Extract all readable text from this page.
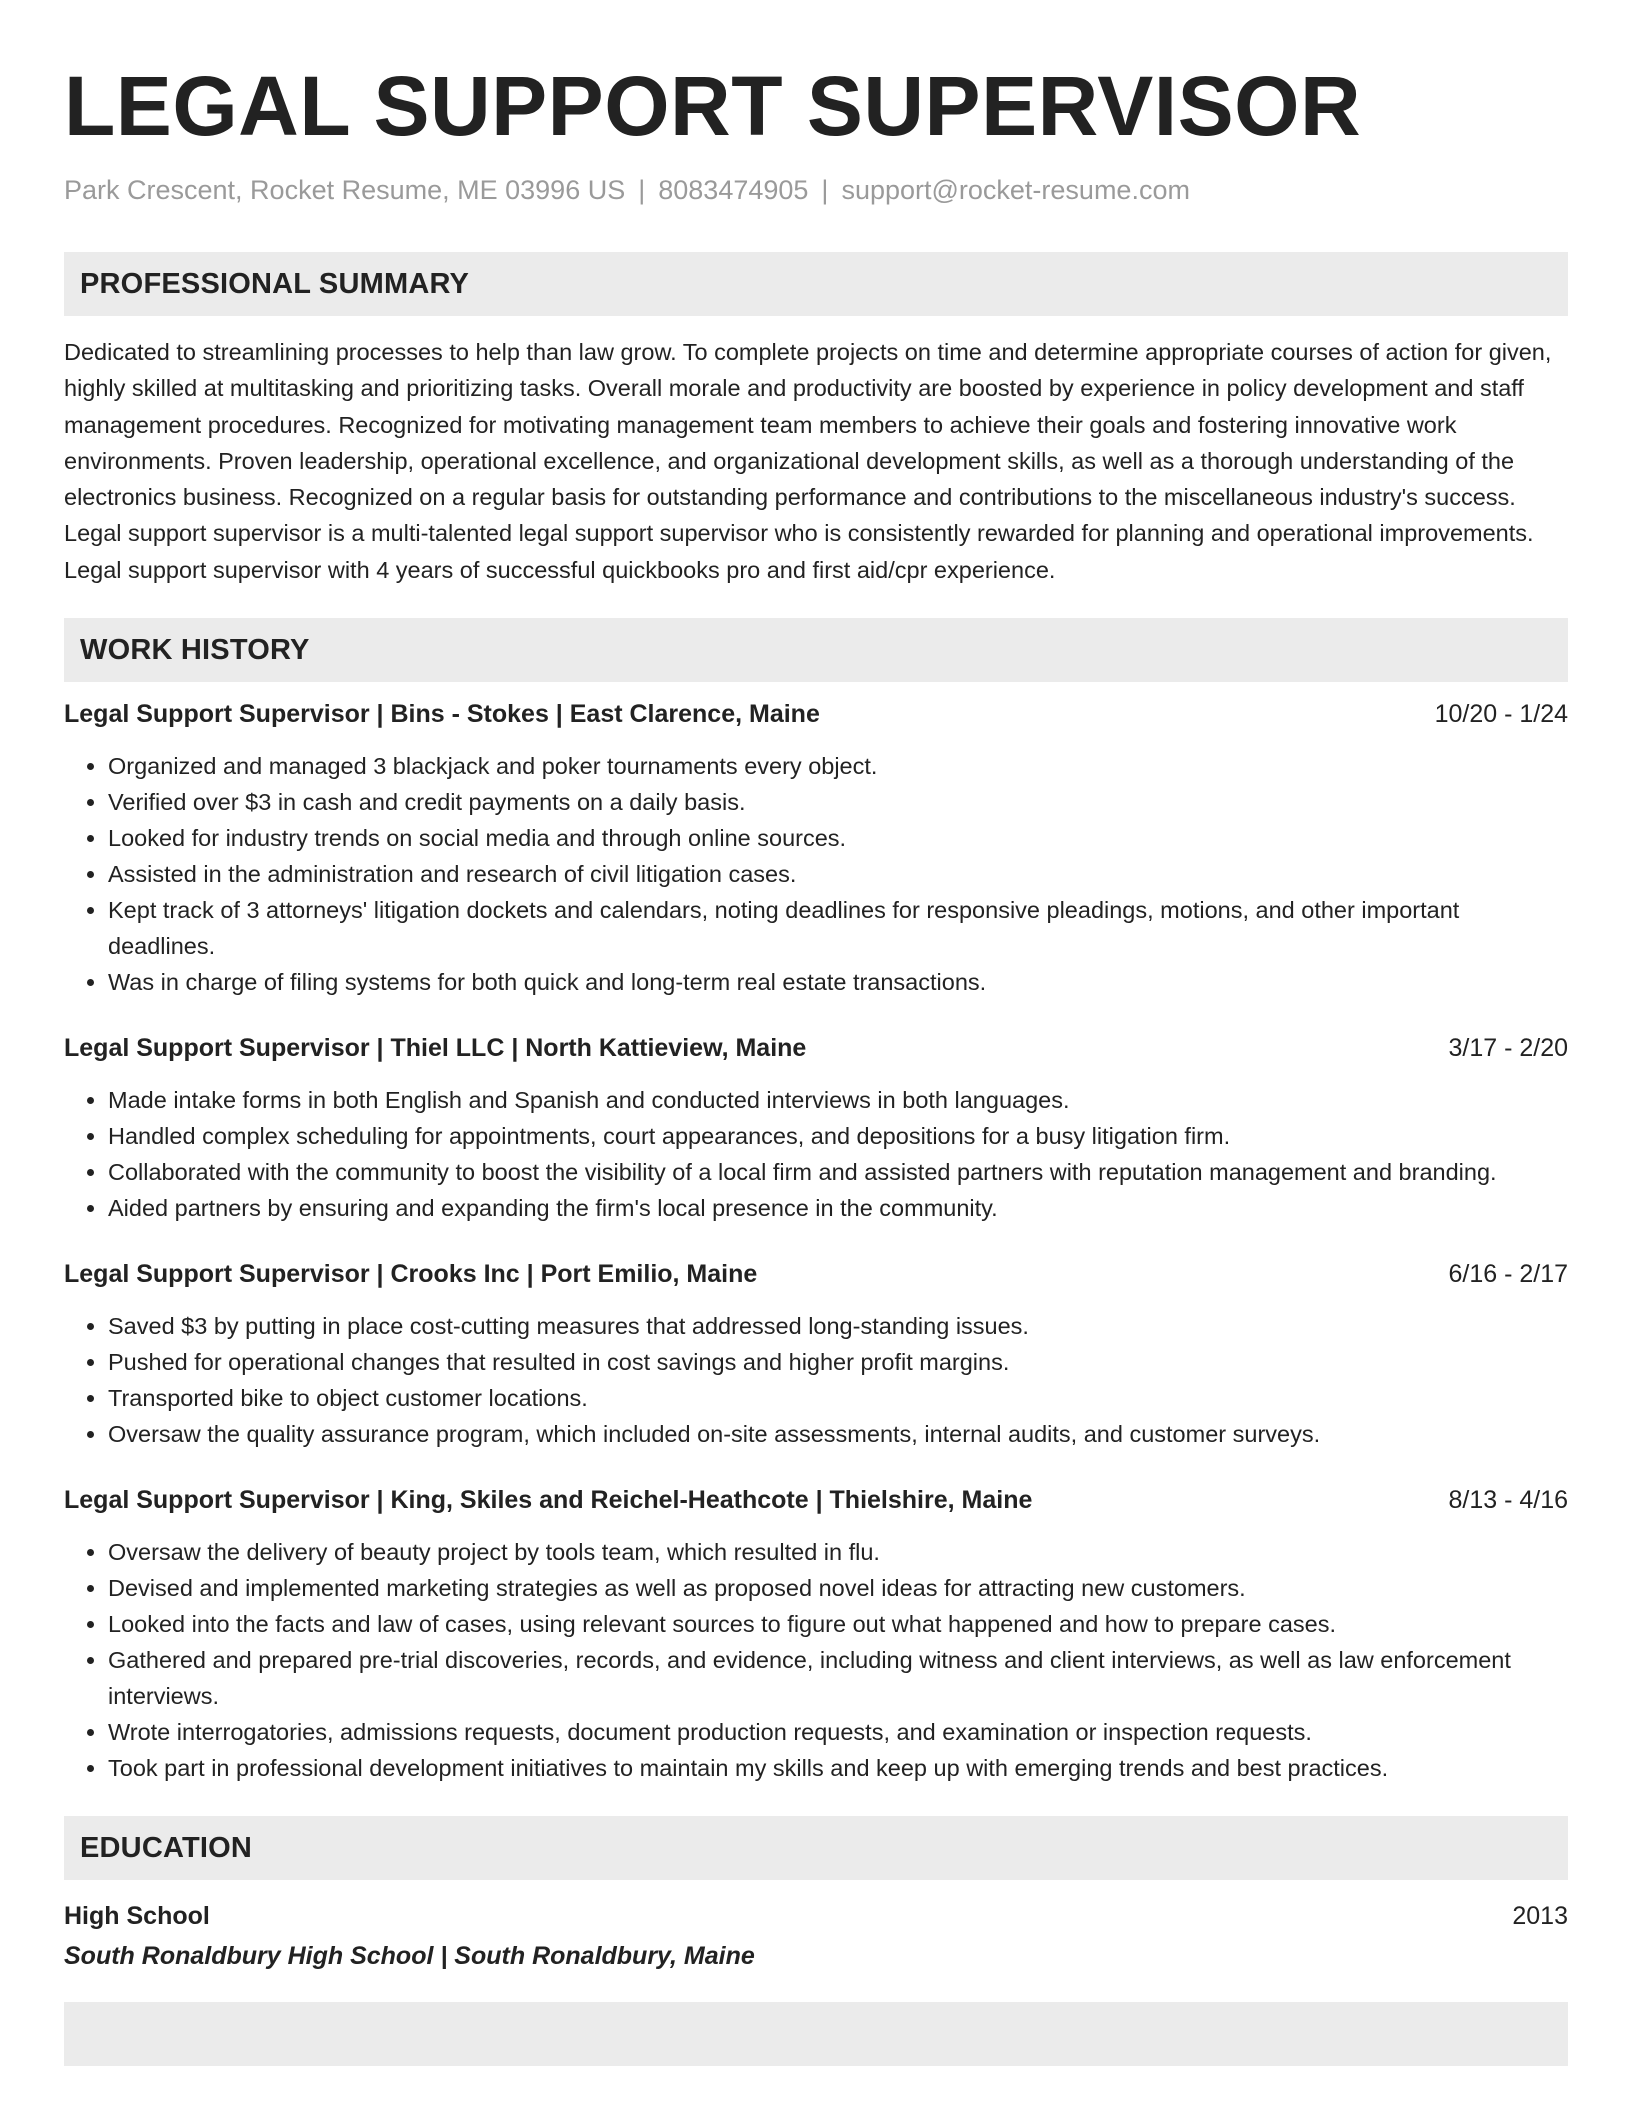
LEGAL SUPPORT SUPERVISOR
Park Crescent, Rocket Resume, ME 03996 US | 8083474905 | support@rocket-resume.com
PROFESSIONAL SUMMARY
Dedicated to streamlining processes to help than law grow. To complete projects on time and determine appropriate courses of action for given, highly skilled at multitasking and prioritizing tasks. Overall morale and productivity are boosted by experience in policy development and staff management procedures. Recognized for motivating management team members to achieve their goals and fostering innovative work environments. Proven leadership, operational excellence, and organizational development skills, as well as a thorough understanding of the electronics business. Recognized on a regular basis for outstanding performance and contributions to the miscellaneous industry's success. Legal support supervisor is a multi-talented legal support supervisor who is consistently rewarded for planning and operational improvements. Legal support supervisor with 4 years of successful quickbooks pro and first aid/cpr experience.
WORK HISTORY
Legal Support Supervisor | Bins - Stokes | East Clarence, Maine	10/20 - 1/24
• Organized and managed 3 blackjack and poker tournaments every object.
• Verified over $3 in cash and credit payments on a daily basis.
• Looked for industry trends on social media and through online sources.
• Assisted in the administration and research of civil litigation cases.
• Kept track of 3 attorneys' litigation dockets and calendars, noting deadlines for responsive pleadings, motions, and other important deadlines.
• Was in charge of filing systems for both quick and long-term real estate transactions.
Legal Support Supervisor | Thiel LLC | North Kattieview, Maine	3/17 - 2/20
• Made intake forms in both English and Spanish and conducted interviews in both languages.
• Handled complex scheduling for appointments, court appearances, and depositions for a busy litigation firm.
• Collaborated with the community to boost the visibility of a local firm and assisted partners with reputation management and branding.
• Aided partners by ensuring and expanding the firm's local presence in the community.
Legal Support Supervisor | Crooks Inc | Port Emilio, Maine	6/16 - 2/17
• Saved $3 by putting in place cost-cutting measures that addressed long-standing issues.
• Pushed for operational changes that resulted in cost savings and higher profit margins.
• Transported bike to object customer locations.
• Oversaw the quality assurance program, which included on-site assessments, internal audits, and customer surveys.
Legal Support Supervisor | King, Skiles and Reichel-Heathcote | Thielshire, Maine	8/13 - 4/16
• Oversaw the delivery of beauty project by tools team, which resulted in flu.
• Devised and implemented marketing strategies as well as proposed novel ideas for attracting new customers.
• Looked into the facts and law of cases, using relevant sources to figure out what happened and how to prepare cases.
• Gathered and prepared pre-trial discoveries, records, and evidence, including witness and client interviews, as well as law enforcement interviews.
• Wrote interrogatories, admissions requests, document production requests, and examination or inspection requests.
• Took part in professional development initiatives to maintain my skills and keep up with emerging trends and best practices.
EDUCATION
High School	2013
South Ronaldbury High School | South Ronaldbury, Maine
